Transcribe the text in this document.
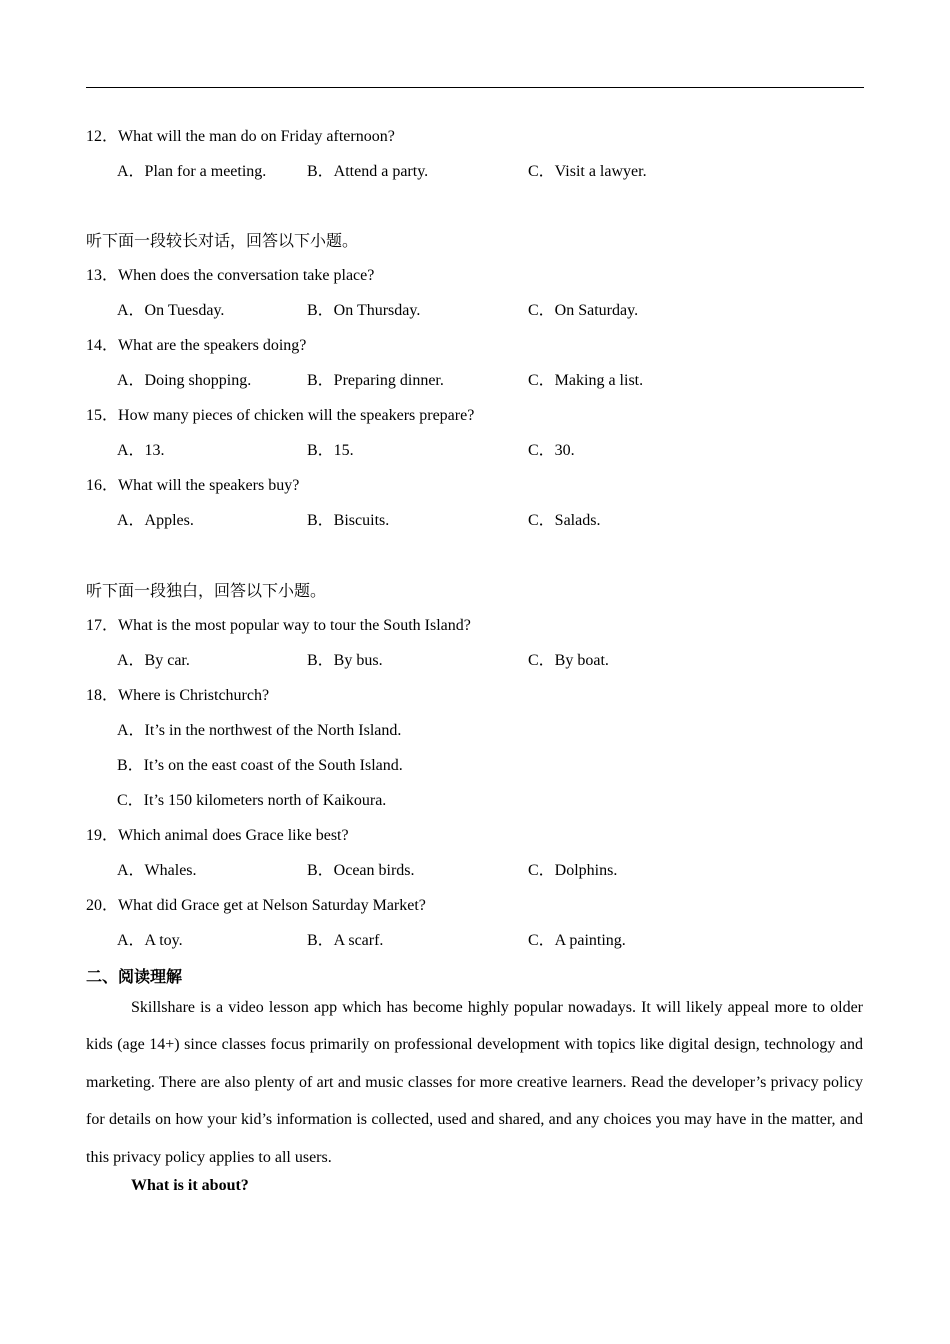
12．What will the man do on Friday afternoon?
A．Plan for a meeting.	B．Attend a party.	C．Visit a lawyer.
听下面一段较长对话，回答以下小题。
13．When does the conversation take place?
A．On Tuesday.	B．On Thursday.	C．On Saturday.
14．What are the speakers doing?
A．Doing shopping.	B．Preparing dinner.	C．Making a list.
15．How many pieces of chicken will the speakers prepare?
A．13.	B．15.	C．30.
16．What will the speakers buy?
A．Apples.	B．Biscuits.	C．Salads.
听下面一段独白，回答以下小题。
17．What is the most popular way to tour the South Island?
A．By car.	B．By bus.	C．By boat.
18．Where is Christchurch?
A．It’s in the northwest of the North Island.
B．It’s on the east coast of the South Island.
C．It’s 150 kilometers north of Kaikoura.
19．Which animal does Grace like best?
A．Whales.	B．Ocean birds.	C．Dolphins.
20．What did Grace get at Nelson Saturday Market?
A．A toy.	B．A scarf.	C．A painting.
二、阅读理解

Skillshare is a video lesson app which has become highly popular nowadays. It will likely appeal more to older kids (age 14+) since classes focus primarily on professional development with topics like digital design, technology and marketing. There are also plenty of art and music classes for more creative learners. Read the developer’s privacy policy for details on how your kid’s information is collected, used and shared, and any choices you may have in the matter, and this privacy policy applies to all users.

What is it about?
